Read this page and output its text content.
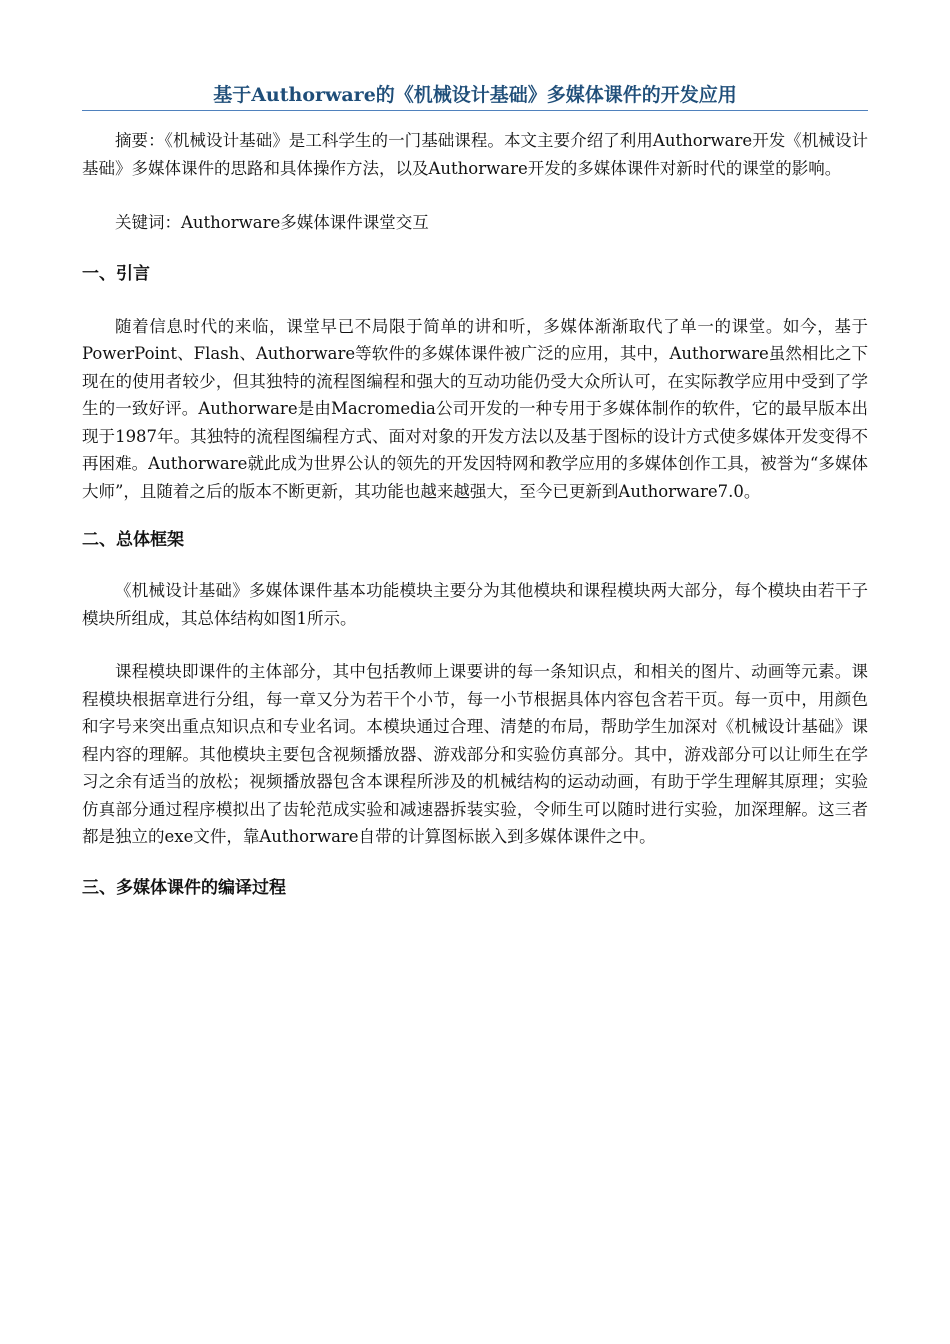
基于Authorware的《机械设计基础》多媒体课件的开发应用

摘要：《机械设计基础》是工科学生的一门基础课程。本文主要介绍了利用Authorware开发《机械设计基础》多媒体课件的思路和具体操作方法，以及Authorware开发的多媒体课件对新时代的课堂的影响。

关键词：Authorware多媒体课件课堂交互

一、引言

随着信息时代的来临，课堂早已不局限于简单的讲和听，多媒体渐渐取代了单一的课堂。如今，基于PowerPoint、Flash、Authorware等软件的多媒体课件被广泛的应用，其中，Authorware虽然相比之下现在的使用者较少，但其独特的流程图编程和强大的互动功能仍受大众所认可，在实际教学应用中受到了学生的一致好评。Authorware是由Macromedia公司开发的一种专用于多媒体制作的软件，它的最早版本出现于1987年。其独特的流程图编程方式、面对对象的开发方法以及基于图标的设计方式使多媒体开发变得不再困难。Authorware就此成为世界公认的领先的开发因特网和教学应用的多媒体创作工具，被誉为“多媒体大师”，且随着之后的版本不断更新，其功能也越来越强大，至今已更新到Authorware7.0。

二、总体框架

《机械设计基础》多媒体课件基本功能模块主要分为其他模块和课程模块两大部分，每个模块由若干子模块所组成，其总体结构如图1所示。

课程模块即课件的主体部分，其中包括教师上课要讲的每一条知识点，和相关的图片、动画等元素。课程模块根据章进行分组，每一章又分为若干个小节，每一小节根据具体内容包含若干页。每一页中，用颜色和字号来突出重点知识点和专业名词。本模块通过合理、清楚的布局，帮助学生加深对《机械设计基础》课程内容的理解。其他模块主要包含视频播放器、游戏部分和实验仿真部分。其中，游戏部分可以让师生在学习之余有适当的放松；视频播放器包含本课程所涉及的机械结构的运动动画，有助于学生理解其原理；实验仿真部分通过程序模拟出了齿轮范成实验和减速器拆装实验，令师生可以随时进行实验，加深理解。这三者都是独立的exe文件，靠Authorware自带的计算图标嵌入到多媒体课件之中。

三、多媒体课件的编译过程
